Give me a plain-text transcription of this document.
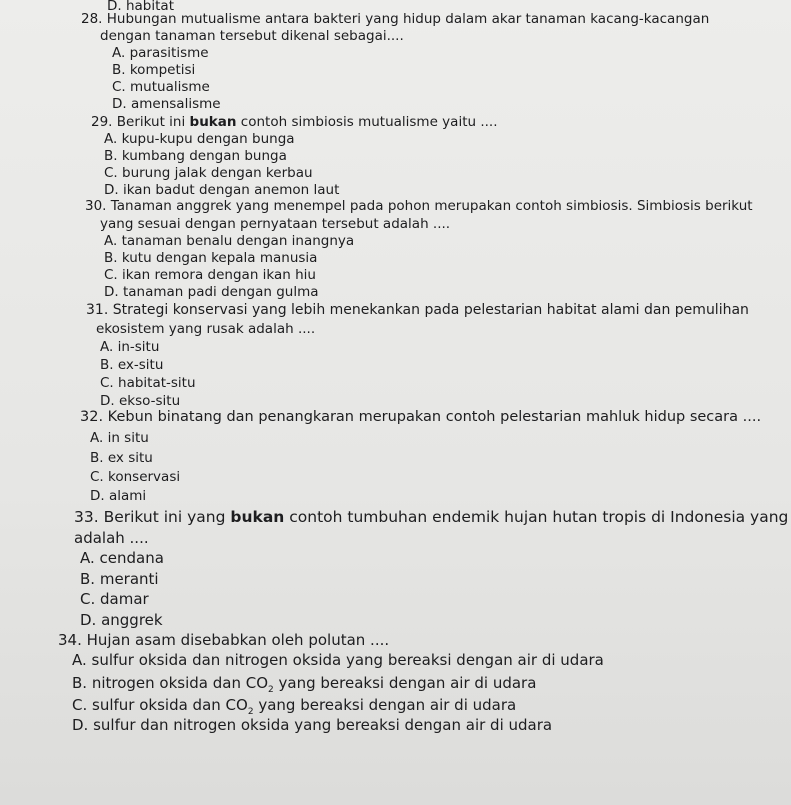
D. habitat
28. Hubungan mutualisme antara bakteri yang hidup dalam akar tanaman kacang-kacangan
dengan tanaman tersebut dikenal sebagai....
A. parasitisme
B. kompetisi
C. mutualisme
D. amensalisme
29. Berikut ini bukan contoh simbiosis mutualisme yaitu ....
A. kupu-kupu dengan bunga
B. kumbang dengan bunga
C. burung jalak dengan kerbau
D. ikan badut dengan anemon laut
30. Tanaman anggrek yang menempel pada pohon merupakan contoh simbiosis. Simbiosis berikut
yang sesuai dengan pernyataan tersebut adalah ....
A. tanaman benalu dengan inangnya
B. kutu dengan kepala manusia
C. ikan remora dengan ikan hiu
D. tanaman padi dengan gulma
31. Strategi konservasi yang lebih menekankan pada pelestarian habitat alami dan pemulihan
ekosistem yang rusak adalah ....
A. in-situ
B. ex-situ
C. habitat-situ
D. ekso-situ
32. Kebun binatang dan penangkaran merupakan contoh pelestarian mahluk hidup secara ....
A. in situ
B. ex situ
C. konservasi
D. alami
33. Berikut ini yang bukan contoh tumbuhan endemik hujan hutan tropis di Indonesia yang
adalah ....
A. cendana
B. meranti
C. damar
D. anggrek
34. Hujan asam disebabkan oleh polutan ....
A. sulfur oksida dan nitrogen oksida yang bereaksi dengan air di udara
B. nitrogen oksida dan $CO_2$ yang bereaksi dengan air di udara
C. sulfur oksida dan $CO_2$ yang bereaksi dengan air di udara
D. sulfur dan nitrogen oksida yang bereaksi dengan air di udara
